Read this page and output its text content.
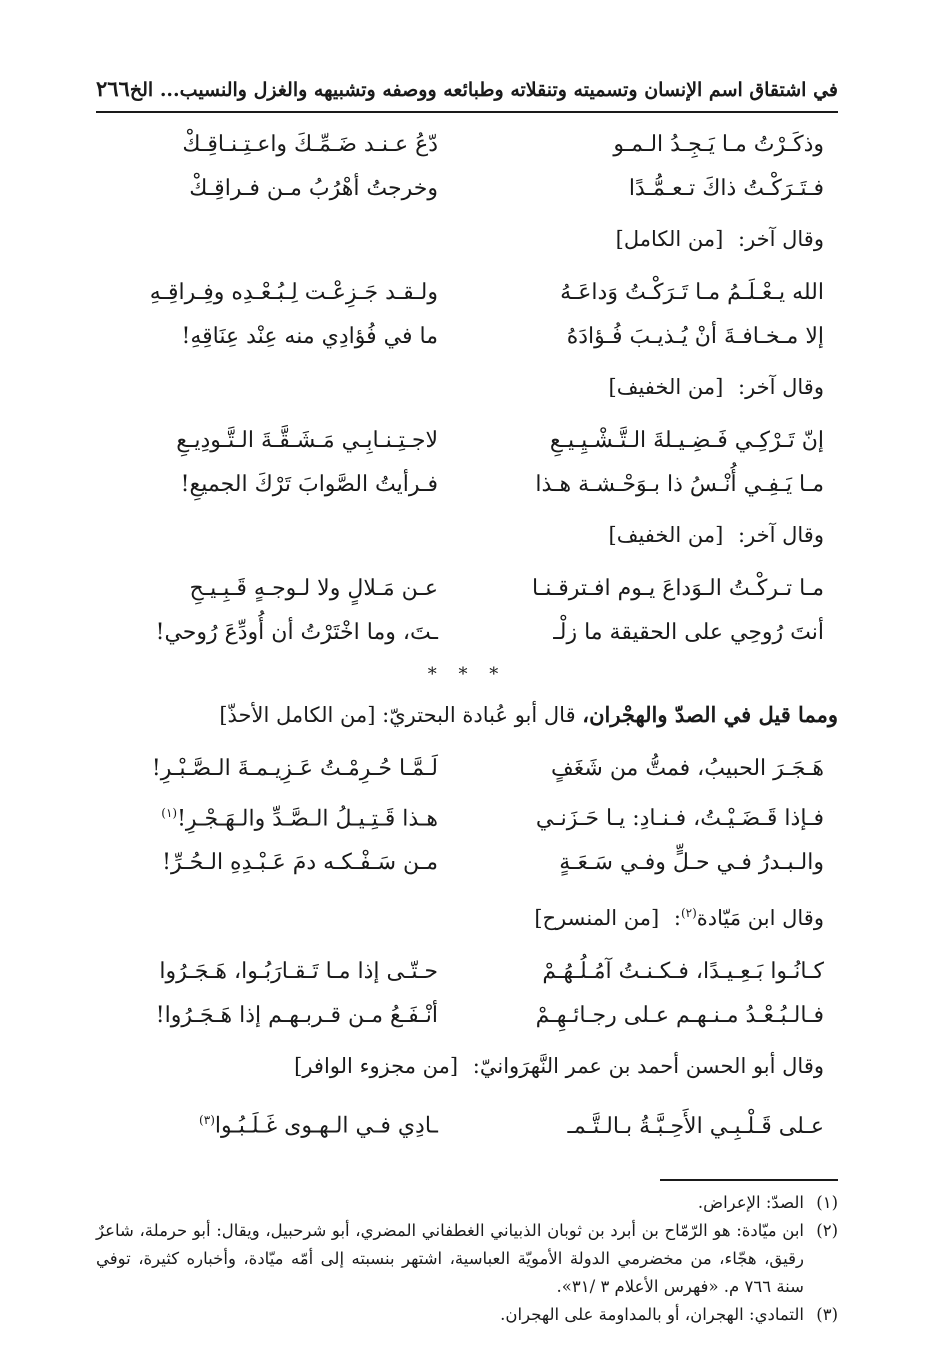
في اشتقاق اسم الإنسان وتسميته وتنقلاته وطبائعه ووصفه وتشبيهه والغزل والنسيب... الخ
٢٦٦
وذكَـرْتُ مـا يَـجِـدُ الـمـو
دّعُ عـنـد ضَـمِّـكَ واعـتِـنـاقِـكْ
فـتَـرَكْـتُ ذاكَ تـعـمُّـدًا
وخرجتُ أهْرُبُ مـن فـراقِـكْ
وقال آخر: [من الكامل]
الله يـعْـلَـمُ مـا تَـرَكْـتُ وَداعَـهُ
ولـقـد جَـزِعْـت لِـبُـعْـدِه وفِـراقِـهِ
إلا مـخـافـةَ أنْ يُـذيـبَ فُـؤادَهُ
ما في فُؤادِي منه عِنْد عِنَاقِهِ!
وقال آخر: [من الخفيف]
إنّ تَـرْكِـي فَـضِـيـلةَ الـتَّـشْـيِـيـعِ
لاجـتِـنـابِـي مَـشَـقَّـةَ الـتَّـودِيـعِ
مـا يَـفِـي أُنْـسُ ذا بـوَحْـشـة هـذا
فـرأيتُ الصَّوابَ تَرْكَ الجميعِ!
وقال آخر: [من الخفيف]
مـا تـركْـتُ الـوَداعَ يـوم افـترقـنـا
عـن مَـلالٍ ولا لـوجـهٍ قَـبِـيـحِ
أنتَ رُوحِي على الحقيقة ما زلْـ
ـتَ، وما اخْتَرْتُ أن أُودِّعَ رُوحي!
* * *
ومما قيل في الصدّ والهجْران، قال أبو عُبادة البحتريّ: [من الكامل الأحذّ]
هَـجَـرَ الحبيبُ، فمتُّ من شَغَفٍ
لَـمَّـا حُـرِمْـتُ عَـزِيـمـةَ الـصَّـبْـرِ!
فـإذا قَـضَـيْـتُ، فـنـادِ: يـا حَـزَنـي
هـذا قَـتِـيـلُ الـصَّـدِّ والـهَـجْـرِ!$^{(١)}$
والـبـدرُ فـي حـلٍّ وفـي سَـعَـةٍ
مـن سَـفْـكـه دمَ عَـبْـدِهِ الـحُـرِّ!
وقال ابن مَيّادة$^{(٢)}$: [من المنسرح]
كـانُـوا بَـعِـيـدًا، فـكـنـتُ آمُـلُـهُـمْ
حـتّـى إذا مـا تَـقـارَبُـوا، هَـجَـرُوا
فـالـبُـعْـدُ مـنـهـم عـلى رجـائـهِـمْ
أنْـفَـعُ مـن قـربـهـم إذا هَـجَـرُوا!
وقال أبو الحسن أحمد بن عمر النَّهرَوانيّ: [من مجزوء الوافر]
عـلى قَـلْـبِـي الأَحِـبَّـةُ بـالـتَّـمـ
ـادِي فـي الـهـوى غَـلَـبُـوا$^{(٣)}$
(١)
الصدّ: الإعراض.
(٢)
ابن ميّادة: هو الرّمّاح بن أبرد بن ثوبان الذبياني الغطفاني المضري، أبو شرحبيل، ويقال: أبو حرملة، شاعرٌ رقيق، هجّاء، من مخضرمي الدولة الأمويّة العباسية، اشتهر بنسبته إلى أمّه ميّادة، وأخباره كثيرة، توفي سنة ٧٦٦ م. «فهرس الأعلام ٣ /٣١».
(٣)
التمادي: الهجران، أو بالمداومة على الهجران.
